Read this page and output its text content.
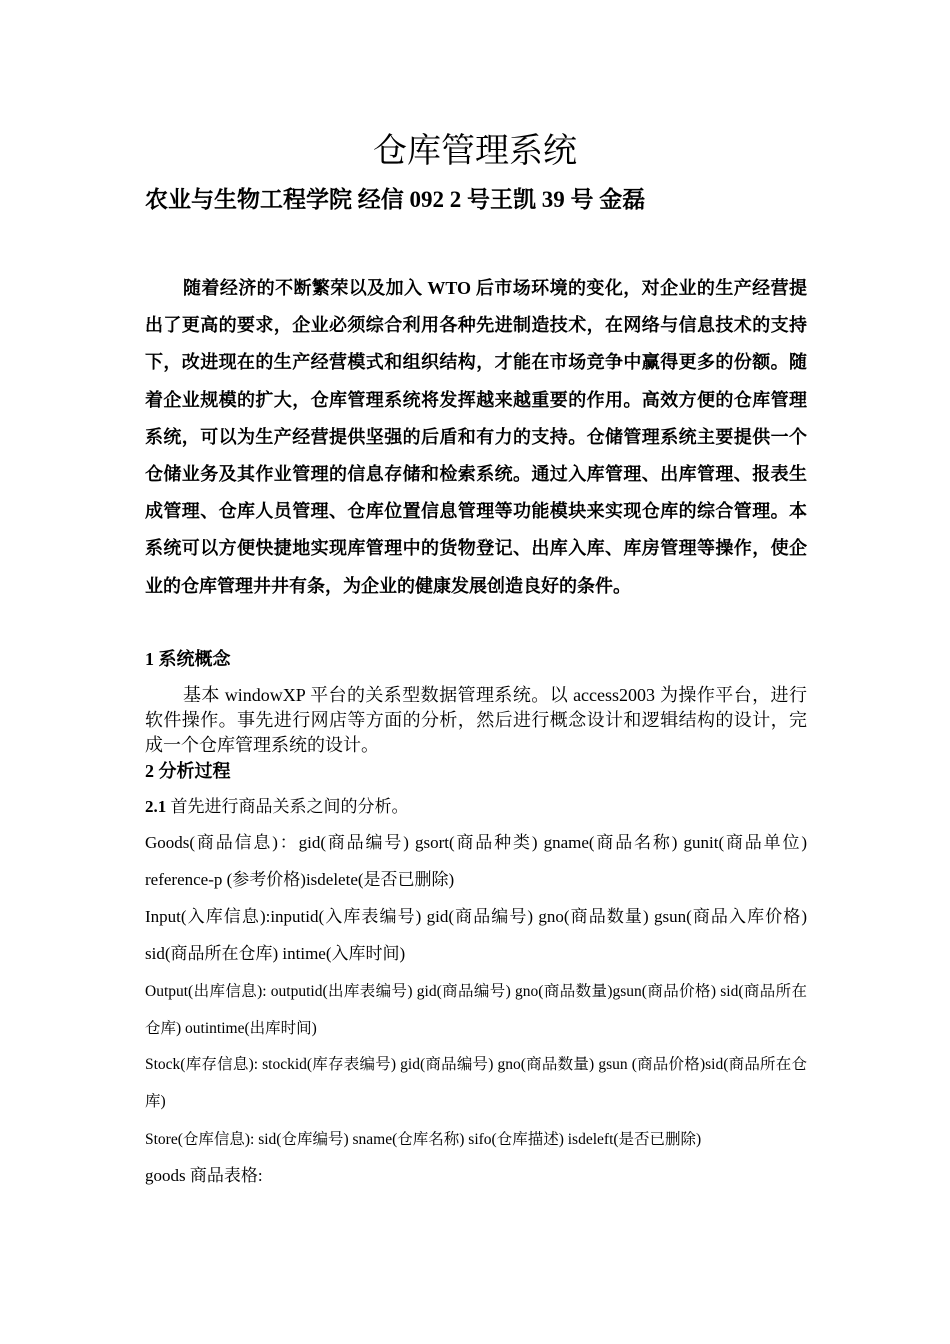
仓库管理系统
农业与生物工程学院 经信 092 2 号王凯 39 号 金磊

随着经济的不断繁荣以及加入 WTO 后市场环境的变化，对企业的生产经营提出了更高的要求，企业必须综合利用各种先进制造技术，在网络与信息技术的支持下，改进现在的生产经营模式和组织结构，才能在市场竞争中赢得更多的份额。随着企业规模的扩大，仓库管理系统将发挥越来越重要的作用。高效方便的仓库管理系统，可以为生产经营提供坚强的后盾和有力的支持。仓储管理系统主要提供一个仓储业务及其作业管理的信息存储和检索系统。通过入库管理、出库管理、报表生成管理、仓库人员管理、仓库位置信息管理等功能模块来实现仓库的综合管理。本系统可以方便快捷地实现库管理中的货物登记、出库入库、库房管理等操作，使企业的仓库管理井井有条，为企业的健康发展创造良好的条件。

1 系统概念

基本 windowXP 平台的关系型数据管理系统。以 access2003 为操作平台，进行软件操作。事先进行网店等方面的分析，然后进行概念设计和逻辑结构的设计，完成一个仓库管理系统的设计。

2 分析过程

2.1 首先进行商品关系之间的分析。

Goods(商品信息)：gid(商品编号) gsort(商品种类) gname(商品名称) gunit(商品单位) reference-p (参考价格)isdelete(是否已删除)

Input(入库信息):inputid(入库表编号) gid(商品编号) gno(商品数量) gsun(商品入库价格) sid(商品所在仓库) intime(入库时间)

Output(出库信息): outputid(出库表编号) gid(商品编号) gno(商品数量)gsun(商品价格) sid(商品所在仓库) outintime(出库时间)

Stock(库存信息): stockid(库存表编号) gid(商品编号) gno(商品数量) gsun (商品价格)sid(商品所在仓库)

Store(仓库信息): sid(仓库编号) sname(仓库名称) sifo(仓库描述) isdeleft(是否已删除)

goods 商品表格:
